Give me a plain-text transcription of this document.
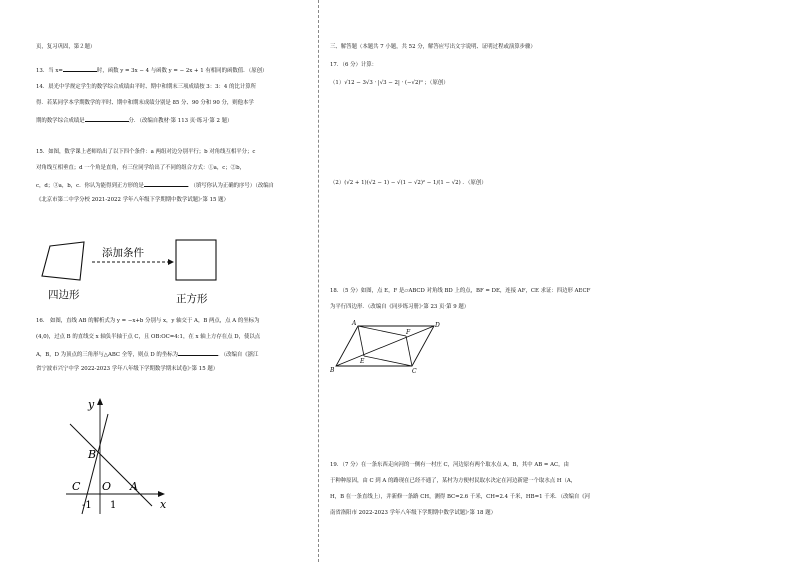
页，复习巩固，第２题）
13．当 x=	时，函数 y = 3x − 4 与函数 y = − 2x + 1 有相同的函数值．（原创）
14．晨光中学规定学生的数学综合成绩由平时、期中和期末三项成绩按 3：3：4 的比计算所
得．若某同学本学期数学的平时、期中和期末成绩分别是 85 分、90 分和 90 分，则他本学
期的数学综合成绩是	分．（改编自教材·第 113 页·练习·第 2 题）
15．如图，数学课上老师给出了以下四个条件：a 两组对边分别平行；b 对角线互相平分；c
对角线互相垂直；d 一个角是直角，有三位同学给出了不同的组合方式：①a，c；②b，
c，d；③a，b，c．你认为能得到正方形的是	．（填写你认为正确的序号）（改编自
《北京市第二中学分校 2021-2022 学年八年级下学期期中数学试题》·第 15 题）
添加条件
四边形	正方形
16． 如图，直线 AB 的解析式为 y = −x+b 分别与 x，y 轴交于 A，B 两点，点 A 的坐标为
(4,0)，过点 B 的直线交 x 轴负半轴于点 C，且 OB:OC=4:1，在 x 轴上方存在点 D，使以点
A，B，D 为顶点的三角形与△ABC 全等，则点 D 的坐标为	．（改编自《浙江
省宁波市兴宁中学 2022-2023 学年八年级下学期数学期末试卷》·第 15 题）
y
x
B
C O A
-1 1
三、解答题（本题共 7 小题，共 52 分，解答应写出文字说明、证明过程或演算步骤）
17．（6 分）计算：
（1）√12 − 3√3 · |√3 − 2| · (−√2)⁰ ；（原创）
（2）(√2 + 1)(√2 − 1) − √(1 − √2)² − 1/(1 − √2) ．（原创）
18．（5 分）如图，点 E，F 是▱ABCD 对角线 BD 上的点，BF = DE，连接 AF，CE 求证：四边形 AECF
为平行四边形．（改编自《同步练习册》·第 23 页·第 9 题）
A	D
F
E
B	C
19．（7 分）在一条东西走向河的一侧有一村庄 C，河边原有两个取水点 A，B，其中 AB = AC，由
于种种原因，由 C 到 A 的路现在已经不通了，某村为方便村民取水决定在河边新建一个取水点 H（A，
H，B 在一条直线上），并新修一条路 CH，测得 BC=2.6 千米，CH=2.4 千米，HB=1 千米．（改编自《河
南省洛阳市 2022-2023 学年八年级下学期期中数学试题》·第 18 题）
